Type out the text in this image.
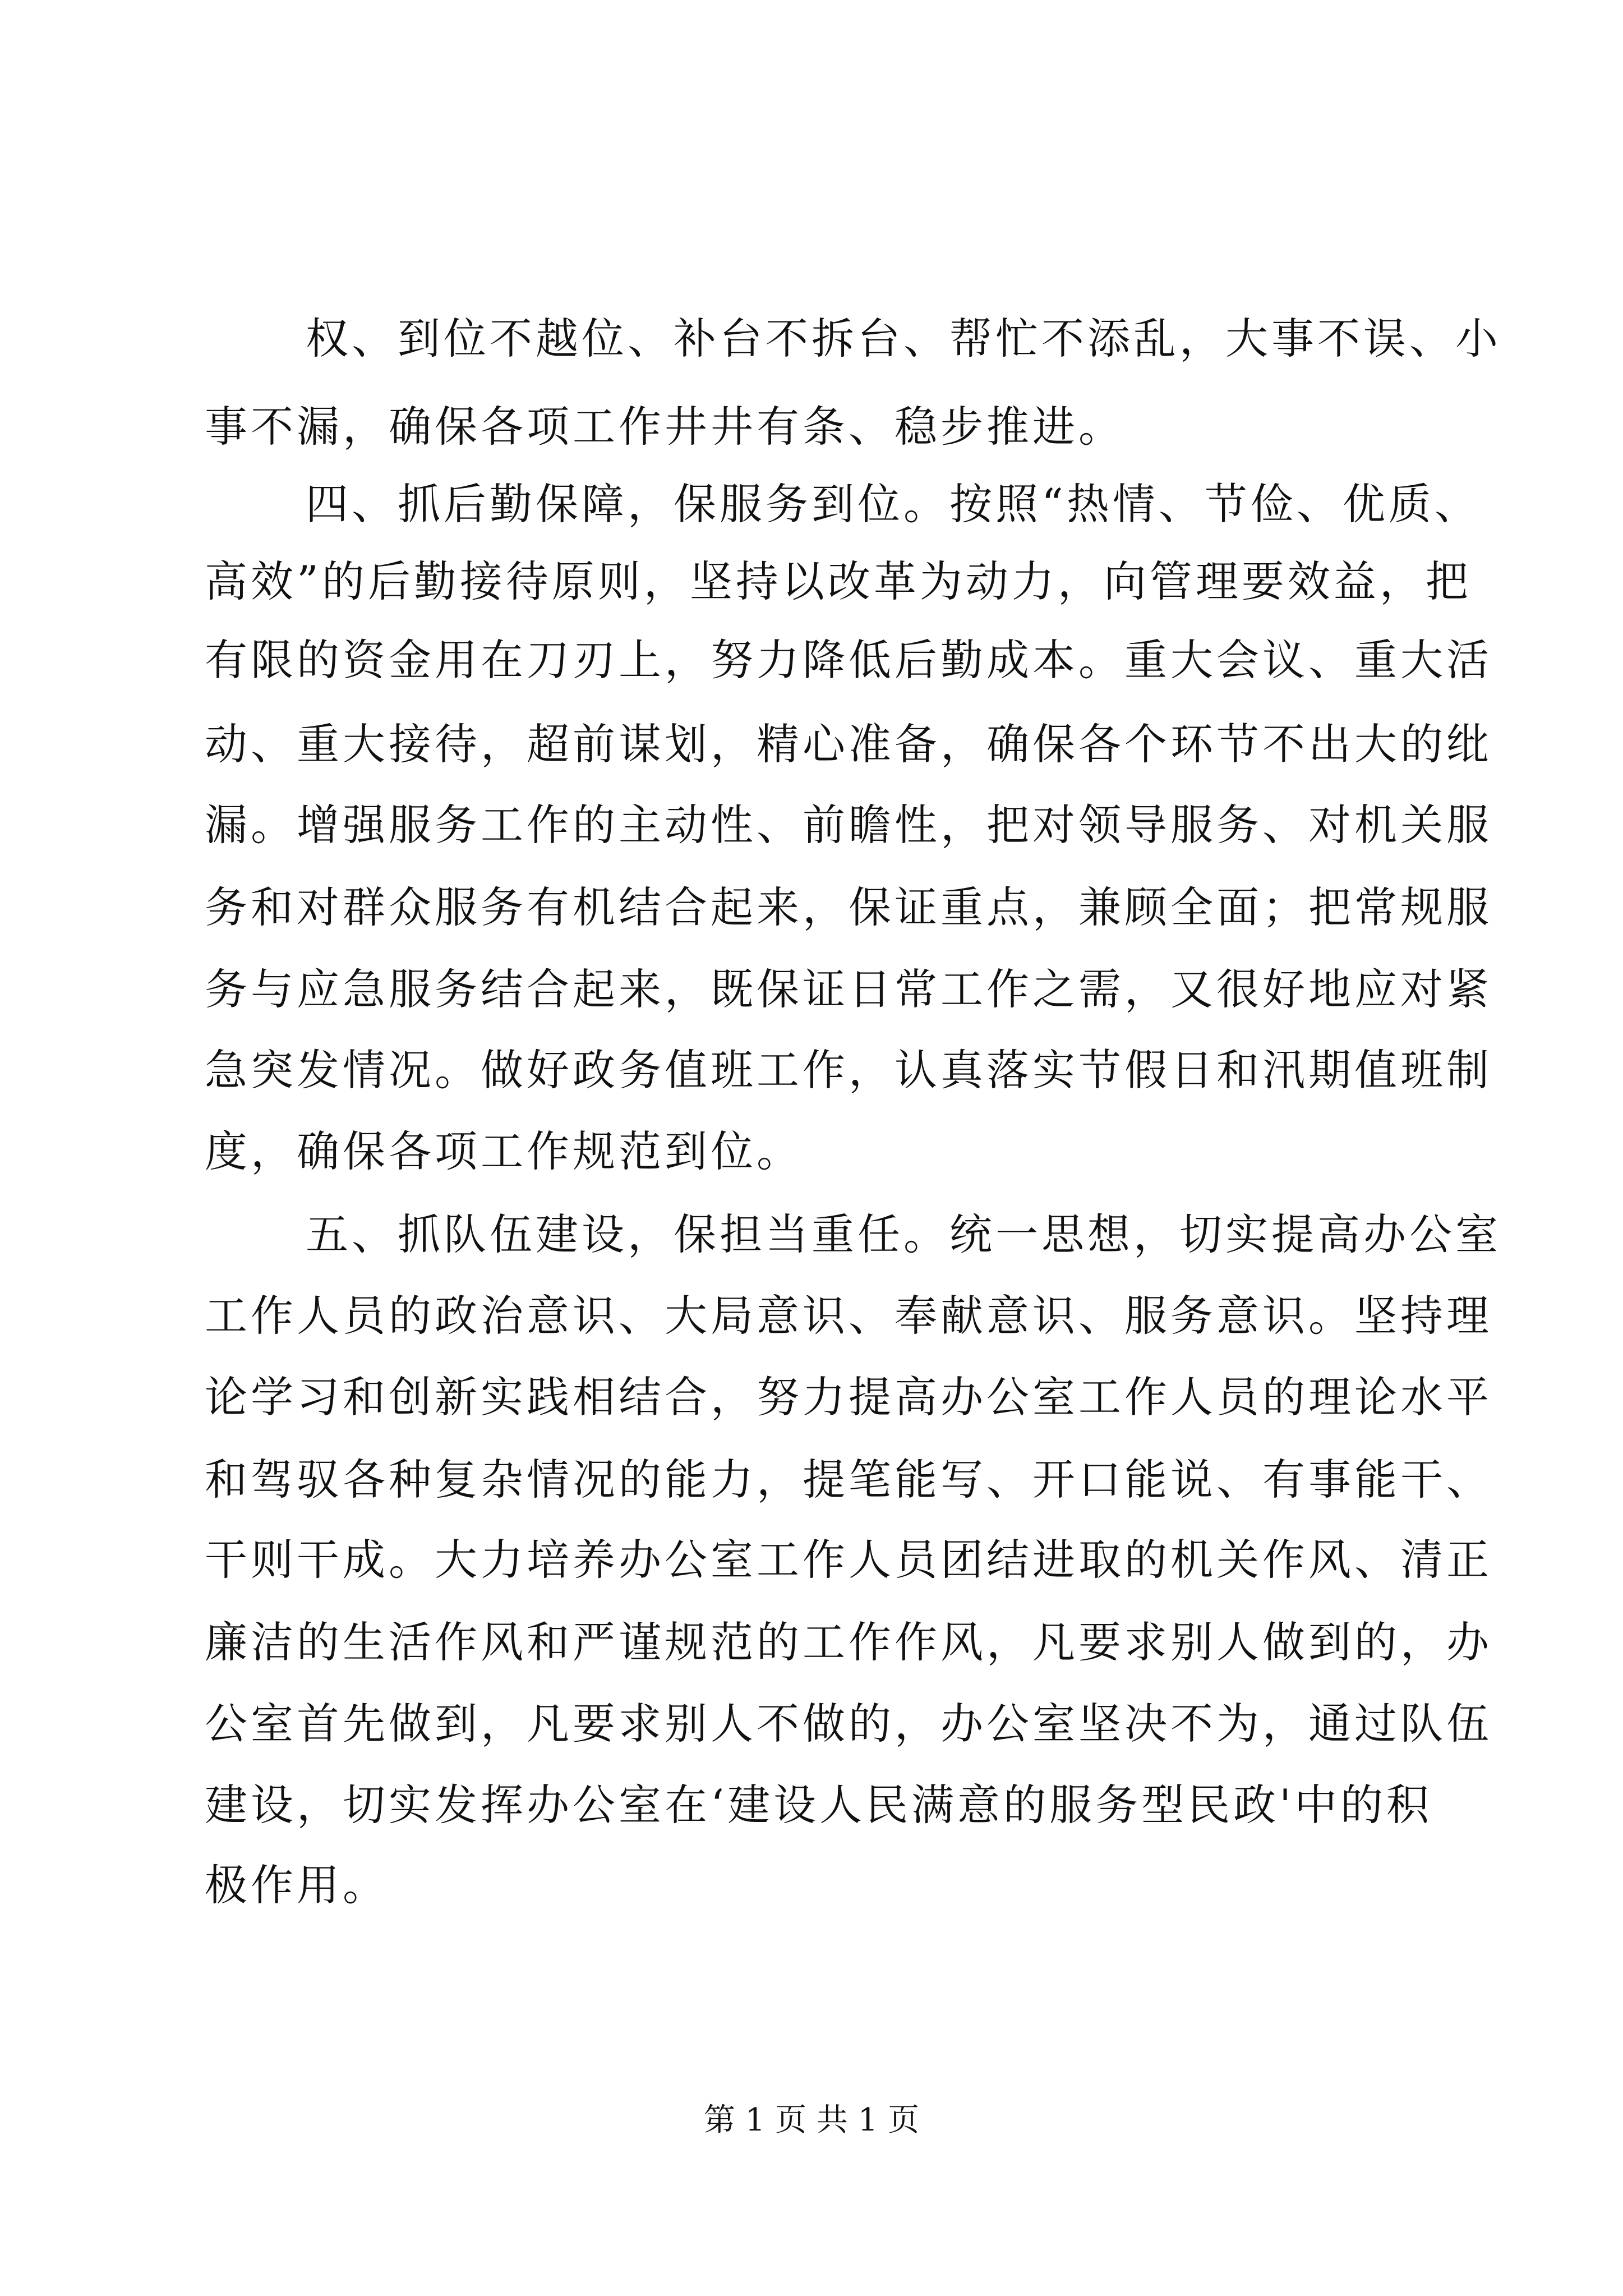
权、到位不越位、补台不拆台、帮忙不添乱，大事不误、小
事不漏，确保各项工作井井有条、稳步推进。
四、抓后勤保障，保服务到位。按照“热情、节俭、优质、
高效”的后勤接待原则，坚持以改革为动力，向管理要效益，把
有限的资金用在刀刃上，努力降低后勤成本。重大会议、重大活
动、重大接待，超前谋划，精心准备，确保各个环节不出大的纰
漏。增强服务工作的主动性、前瞻性，把对领导服务、对机关服
务和对群众服务有机结合起来，保证重点，兼顾全面；把常规服
务与应急服务结合起来，既保证日常工作之需，又很好地应对紧
急突发情况。做好政务值班工作，认真落实节假日和汛期值班制
度，确保各项工作规范到位。
五、抓队伍建设，保担当重任。统一思想，切实提高办公室
工作人员的政治意识、大局意识、奉献意识、服务意识。坚持理
论学习和创新实践相结合，努力提高办公室工作人员的理论水平
和驾驭各种复杂情况的能力，提笔能写、开口能说、有事能干、
干则干成。大力培养办公室工作人员团结进取的机关作风、清正
廉洁的生活作风和严谨规范的工作作风，凡要求别人做到的，办
公室首先做到，凡要求别人不做的，办公室坚决不为，通过队伍
建设，切实发挥办公室在‘建设人民满意的服务型民政'中的积
极作用。
第 1 页 共 1 页
